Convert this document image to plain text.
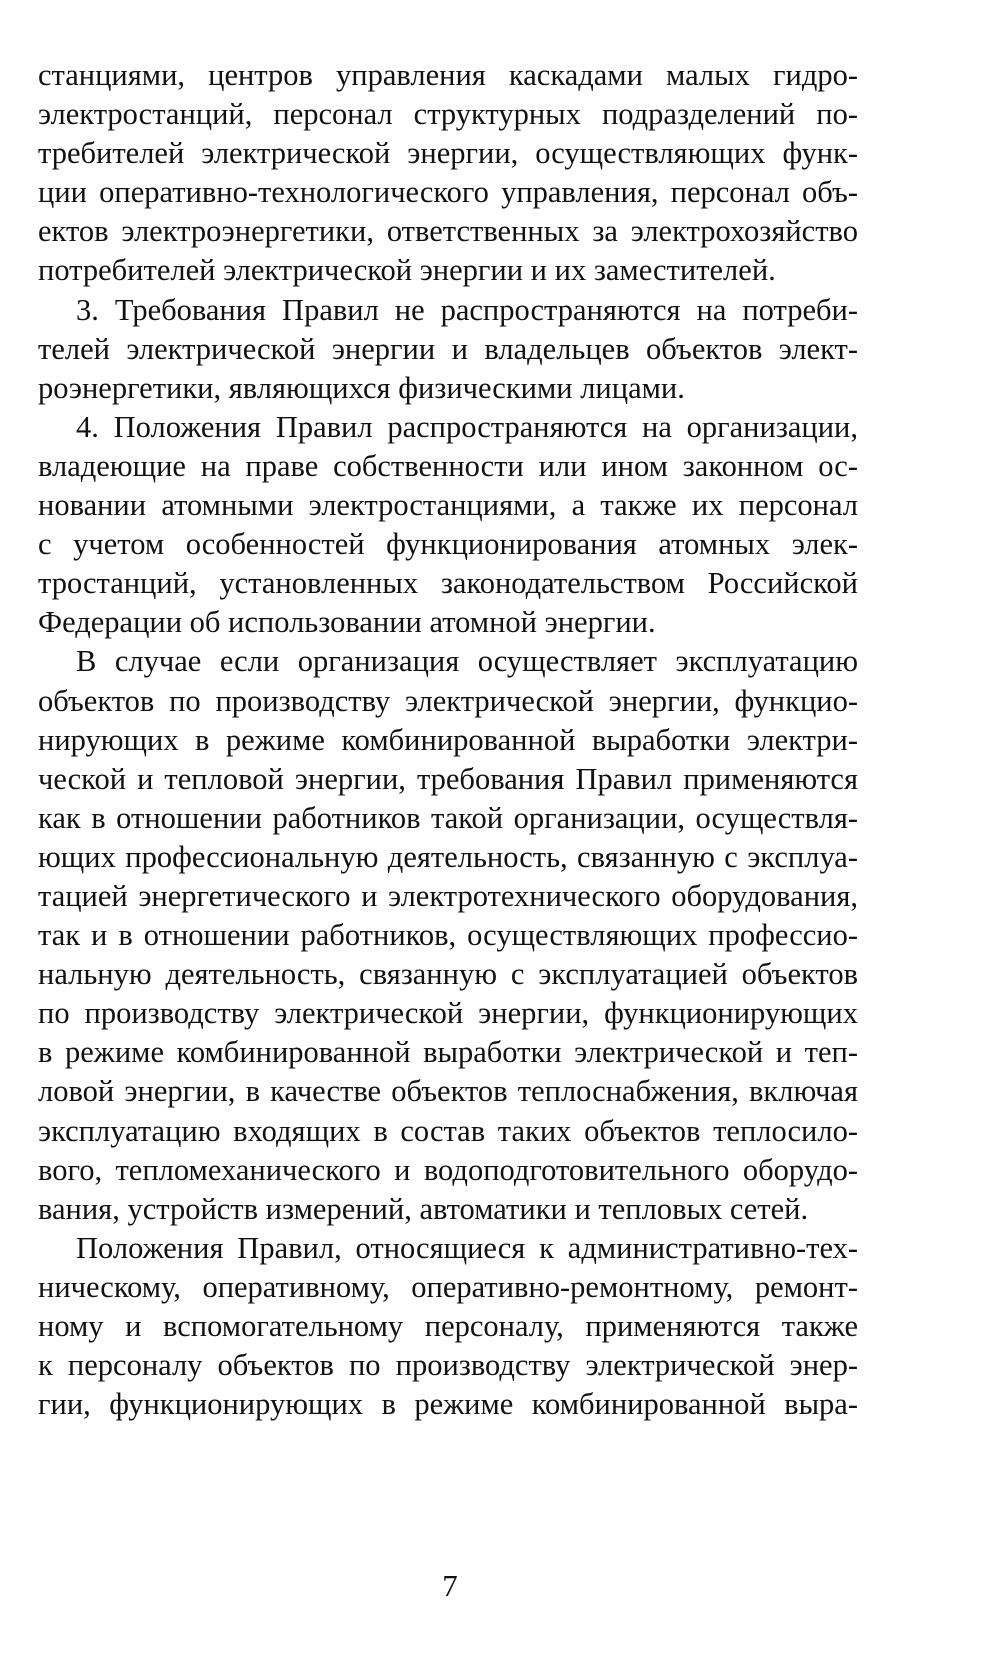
станциями, центров управления каскадами малых гидро-
электростанций, персонал структурных подразделений по-
требителей электрической энергии, осуществляющих функ-
ции оперативно-технологического управления, персонал объ-
ектов электроэнергетики, ответственных за электрохозяйство
потребителей электрической энергии и их заместителей.
3. Требования Правил не распространяются на потреби-
телей электрической энергии и владельцев объектов элект-
роэнергетики, являющихся физическими лицами.
4. Положения Правил распространяются на организации,
владеющие на праве собственности или ином законном ос-
новании атомными электростанциями, а также их персонал
с учетом особенностей функционирования атомных элек-
тростанций, установленных законодательством Российской
Федерации об использовании атомной энергии.
В случае если организация осуществляет эксплуатацию
объектов по производству электрической энергии, функцио-
нирующих в режиме комбинированной выработки электри-
ческой и тепловой энергии, требования Правил применяются
как в отношении работников такой организации, осуществля-
ющих профессиональную деятельность, связанную с эксплуа-
тацией энергетического и электротехнического оборудования,
так и в отношении работников, осуществляющих профессио-
нальную деятельность, связанную с эксплуатацией объектов
по производству электрической энергии, функционирующих
в режиме комбинированной выработки электрической и теп-
ловой энергии, в качестве объектов теплоснабжения, включая
эксплуатацию входящих в состав таких объектов теплосило-
вого, тепломеханического и водоподготовительного оборудо-
вания, устройств измерений, автоматики и тепловых сетей.
Положения Правил, относящиеся к административно-тех-
ническому, оперативному, оперативно-ремонтному, ремонт-
ному и вспомогательному персоналу, применяются также
к персоналу объектов по производству электрической энер-
гии, функционирующих в режиме комбинированной выра-
7
